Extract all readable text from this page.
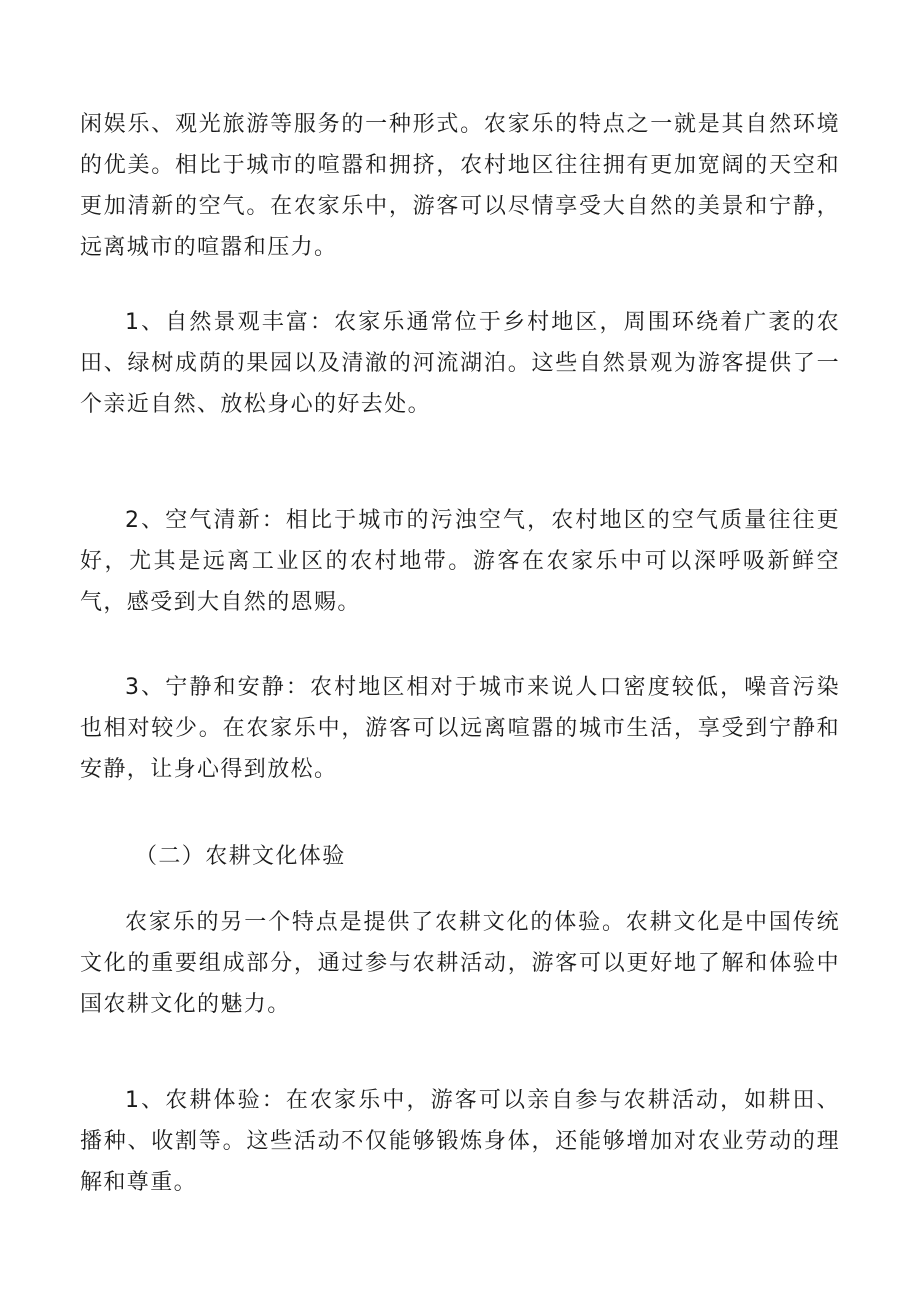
闲娱乐、观光旅游等服务的一种形式。农家乐的特点之一就是其自然环境的优美。相比于城市的喧嚣和拥挤，农村地区往往拥有更加宽阔的天空和更加清新的空气。在农家乐中，游客可以尽情享受大自然的美景和宁静，远离城市的喧嚣和压力。

1、自然景观丰富：农家乐通常位于乡村地区，周围环绕着广袤的农田、绿树成荫的果园以及清澈的河流湖泊。这些自然景观为游客提供了一个亲近自然、放松身心的好去处。

2、空气清新：相比于城市的污浊空气，农村地区的空气质量往往更好，尤其是远离工业区的农村地带。游客在农家乐中可以深呼吸新鲜空气，感受到大自然的恩赐。

3、宁静和安静：农村地区相对于城市来说人口密度较低，噪音污染也相对较少。在农家乐中，游客可以远离喧嚣的城市生活，享受到宁静和安静，让身心得到放松。

（二）农耕文化体验

农家乐的另一个特点是提供了农耕文化的体验。农耕文化是中国传统文化的重要组成部分，通过参与农耕活动，游客可以更好地了解和体验中国农耕文化的魅力。

1、农耕体验：在农家乐中，游客可以亲自参与农耕活动，如耕田、播种、收割等。这些活动不仅能够锻炼身体，还能够增加对农业劳动的理解和尊重。
